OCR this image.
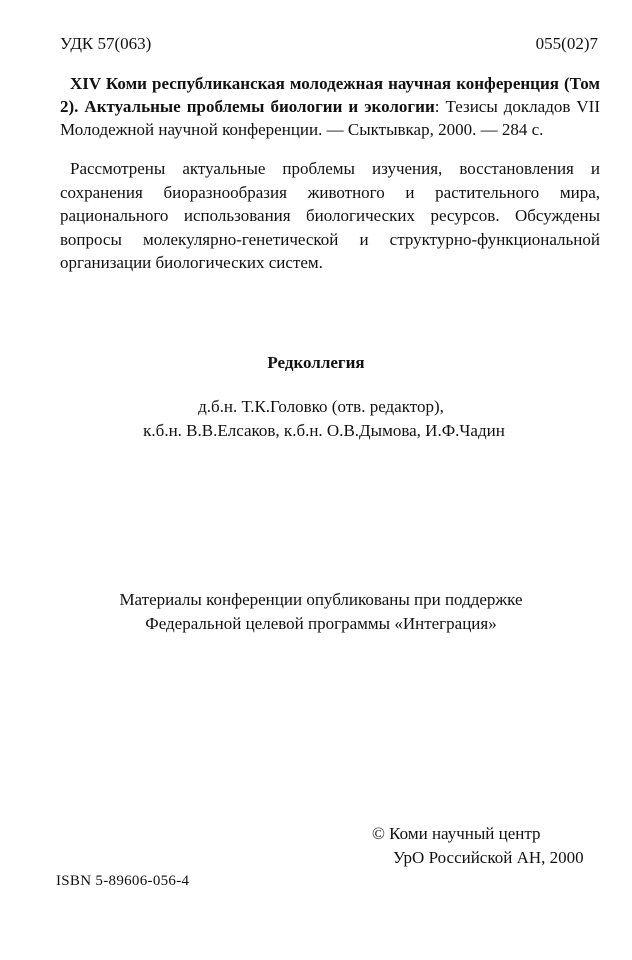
УДК 57(063)	055(02)7

XIV Коми республиканская молодежная научная конференция (Том 2). Актуальные проблемы биологии и экологии: Тезисы докладов VII Молодежной научной конференции. — Сыктывкар, 2000. — 284 с.

Рассмотрены актуальные проблемы изучения, восстановления и сохранения биоразнообразия животного и растительного мира, рационального использования биологических ресурсов. Обсуждены вопросы молекулярно-генетической и структурно-функциональной организации биологических систем.

Редколлегия
д.б.н. Т.К.Головко (отв. редактор),
к.б.н. В.В.Елсаков, к.б.н. О.В.Дымова, И.Ф.Чадин
Материалы конференции опубликованы при поддержке
Федеральной целевой программы «Интеграция»
© Коми научный центр
УрО Российской АН, 2000
ISBN 5-89606-056-4
